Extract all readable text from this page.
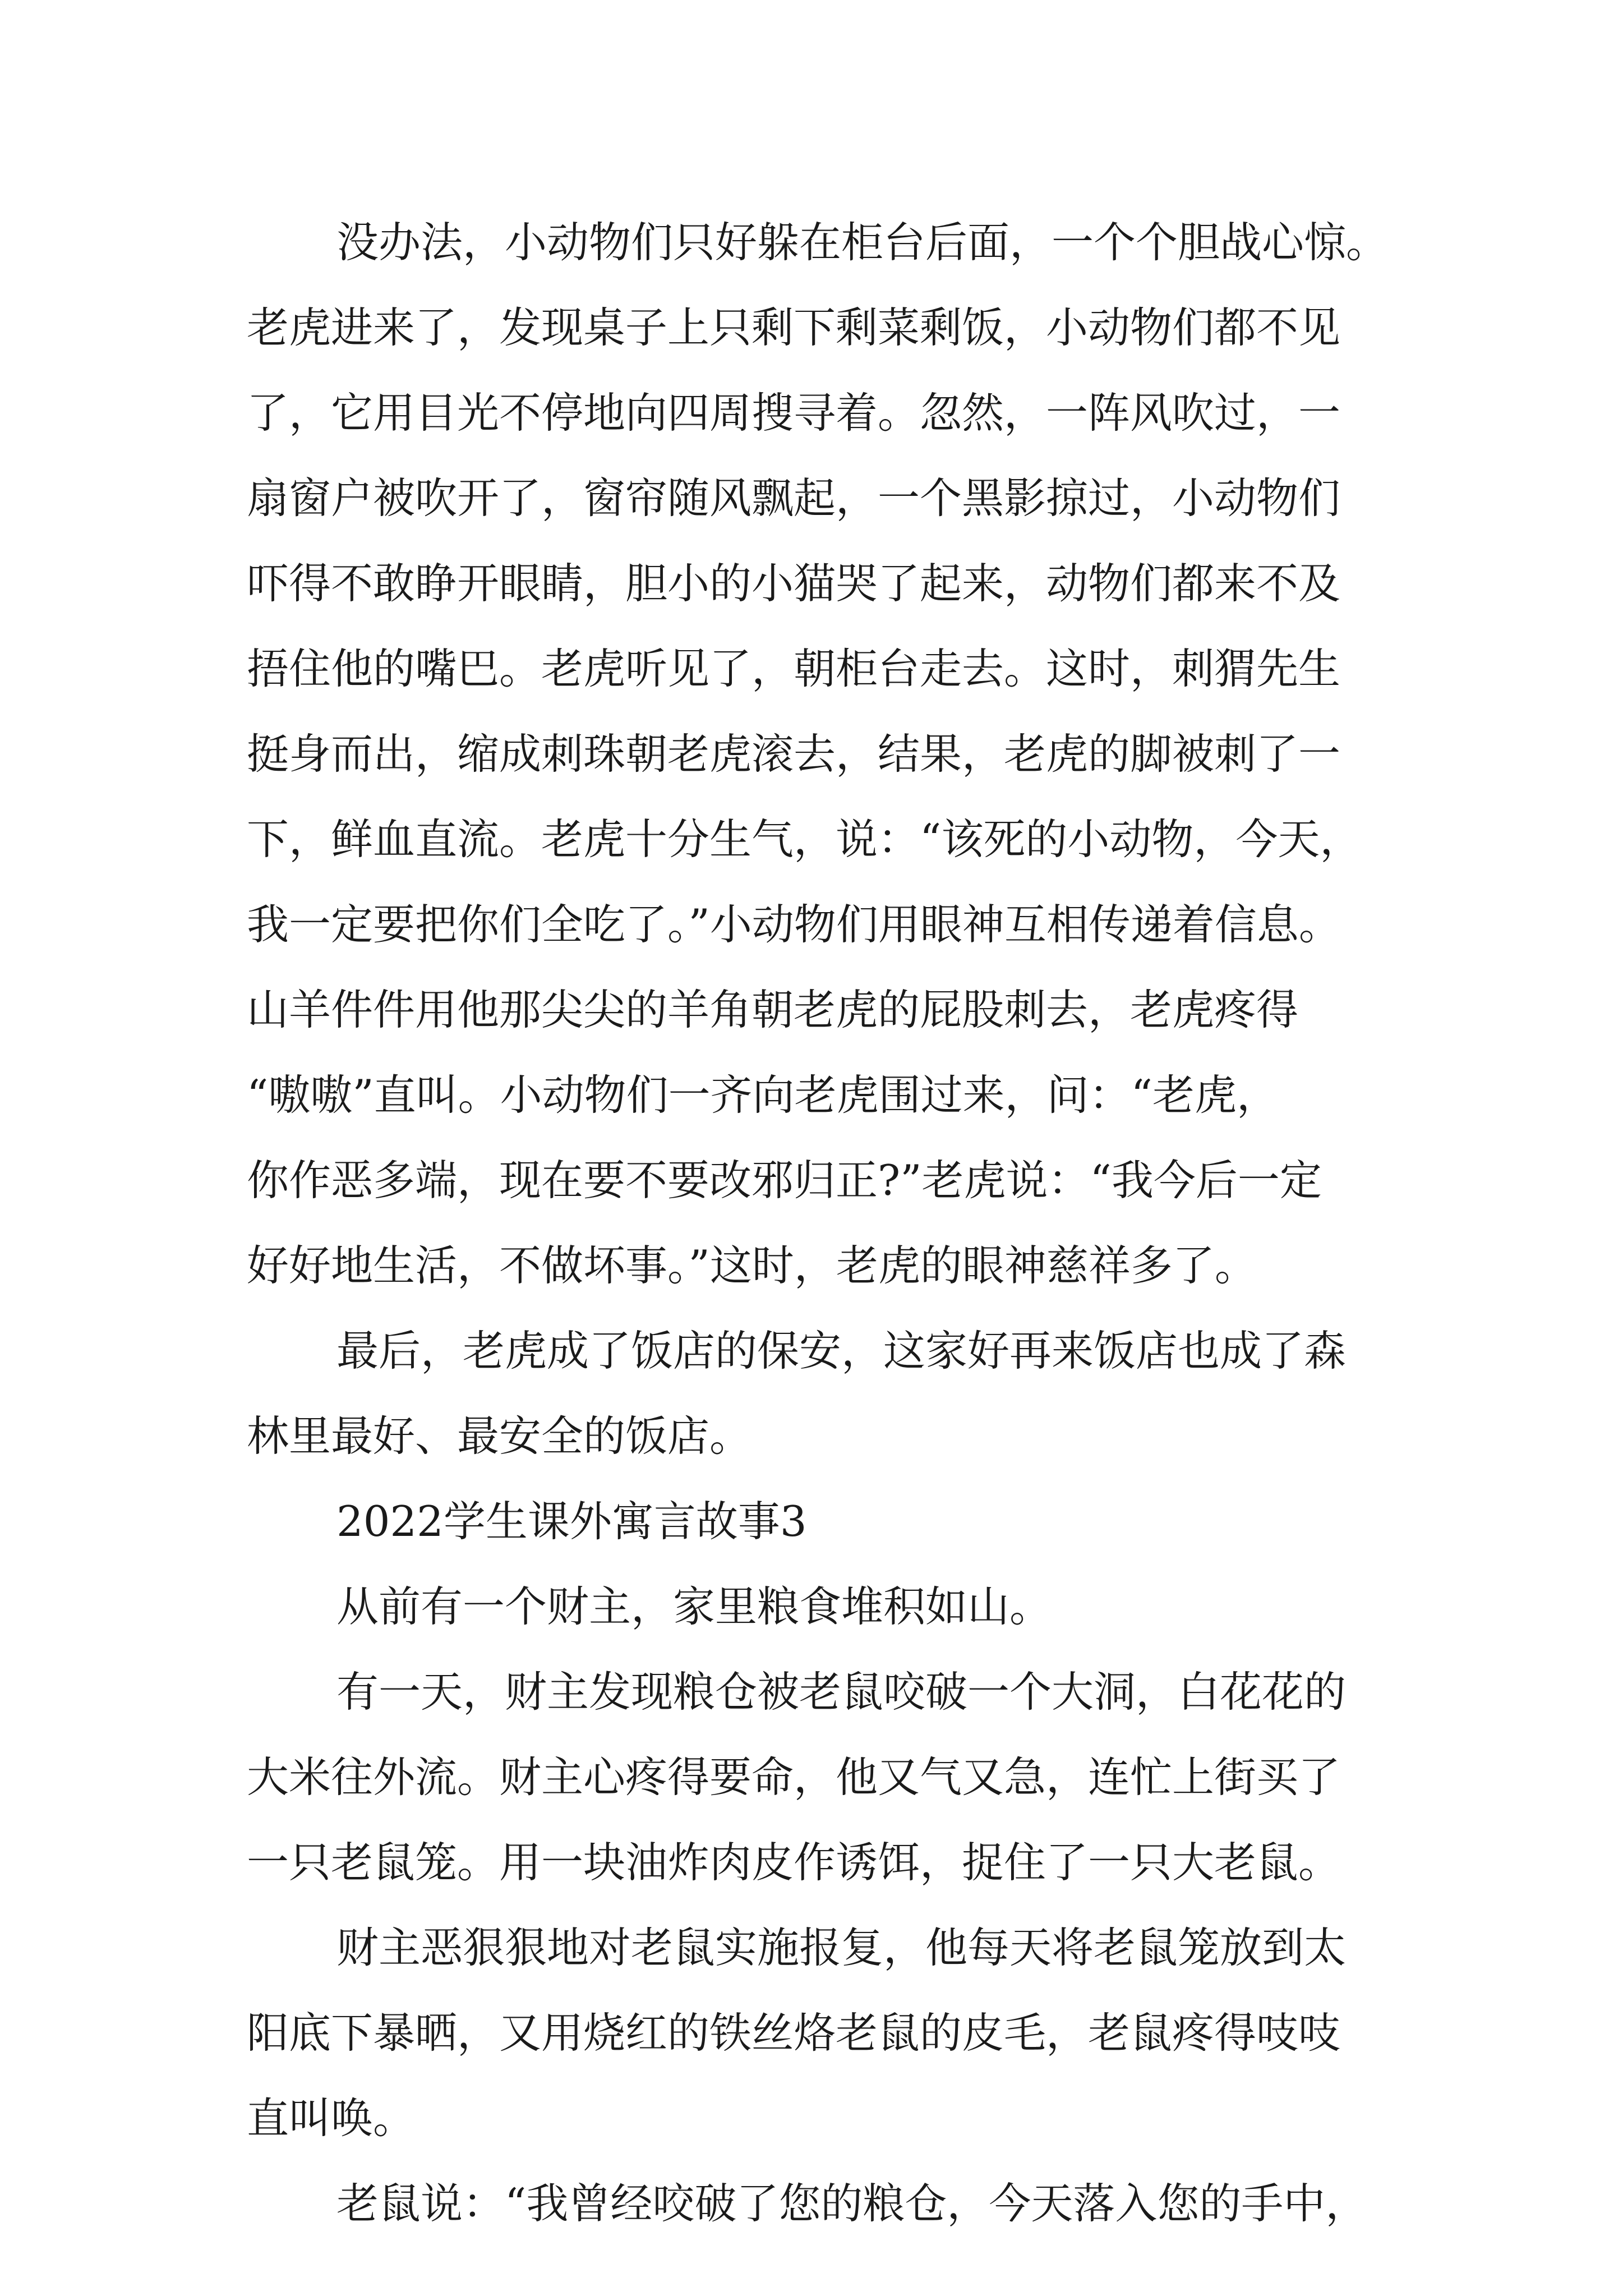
没办法，小动物们只好躲在柜台后面，一个个胆战心惊。
老虎进来了，发现桌子上只剩下剩菜剩饭，小动物们都不见
了，它用目光不停地向四周搜寻着。忽然，一阵风吹过，一
扇窗户被吹开了，窗帘随风飘起，一个黑影掠过，小动物们
吓得不敢睁开眼睛，胆小的小猫哭了起来，动物们都来不及
捂住他的嘴巴。老虎听见了，朝柜台走去。这时，刺猬先生
挺身而出，缩成刺珠朝老虎滚去，结果，老虎的脚被刺了一
下，鲜血直流。老虎十分生气，说：“该死的小动物，今天，
我一定要把你们全吃了。”小动物们用眼神互相传递着信息。
山羊件件用他那尖尖的羊角朝老虎的屁股刺去，老虎疼得
“嗷嗷”直叫。小动物们一齐向老虎围过来，问：“老虎，
你作恶多端，现在要不要改邪归正?”老虎说：“我今后一定
好好地生活，不做坏事。”这时，老虎的眼神慈祥多了。
最后，老虎成了饭店的保安，这家好再来饭店也成了森
林里最好、最安全的饭店。
2022学生课外寓言故事3
从前有一个财主，家里粮食堆积如山。
有一天，财主发现粮仓被老鼠咬破一个大洞，白花花的
大米往外流。财主心疼得要命，他又气又急，连忙上街买了
一只老鼠笼。用一块油炸肉皮作诱饵，捉住了一只大老鼠。
财主恶狠狠地对老鼠实施报复，他每天将老鼠笼放到太
阳底下暴晒，又用烧红的铁丝烙老鼠的皮毛，老鼠疼得吱吱
直叫唤。
老鼠说：“我曾经咬破了您的粮仓，今天落入您的手中，
